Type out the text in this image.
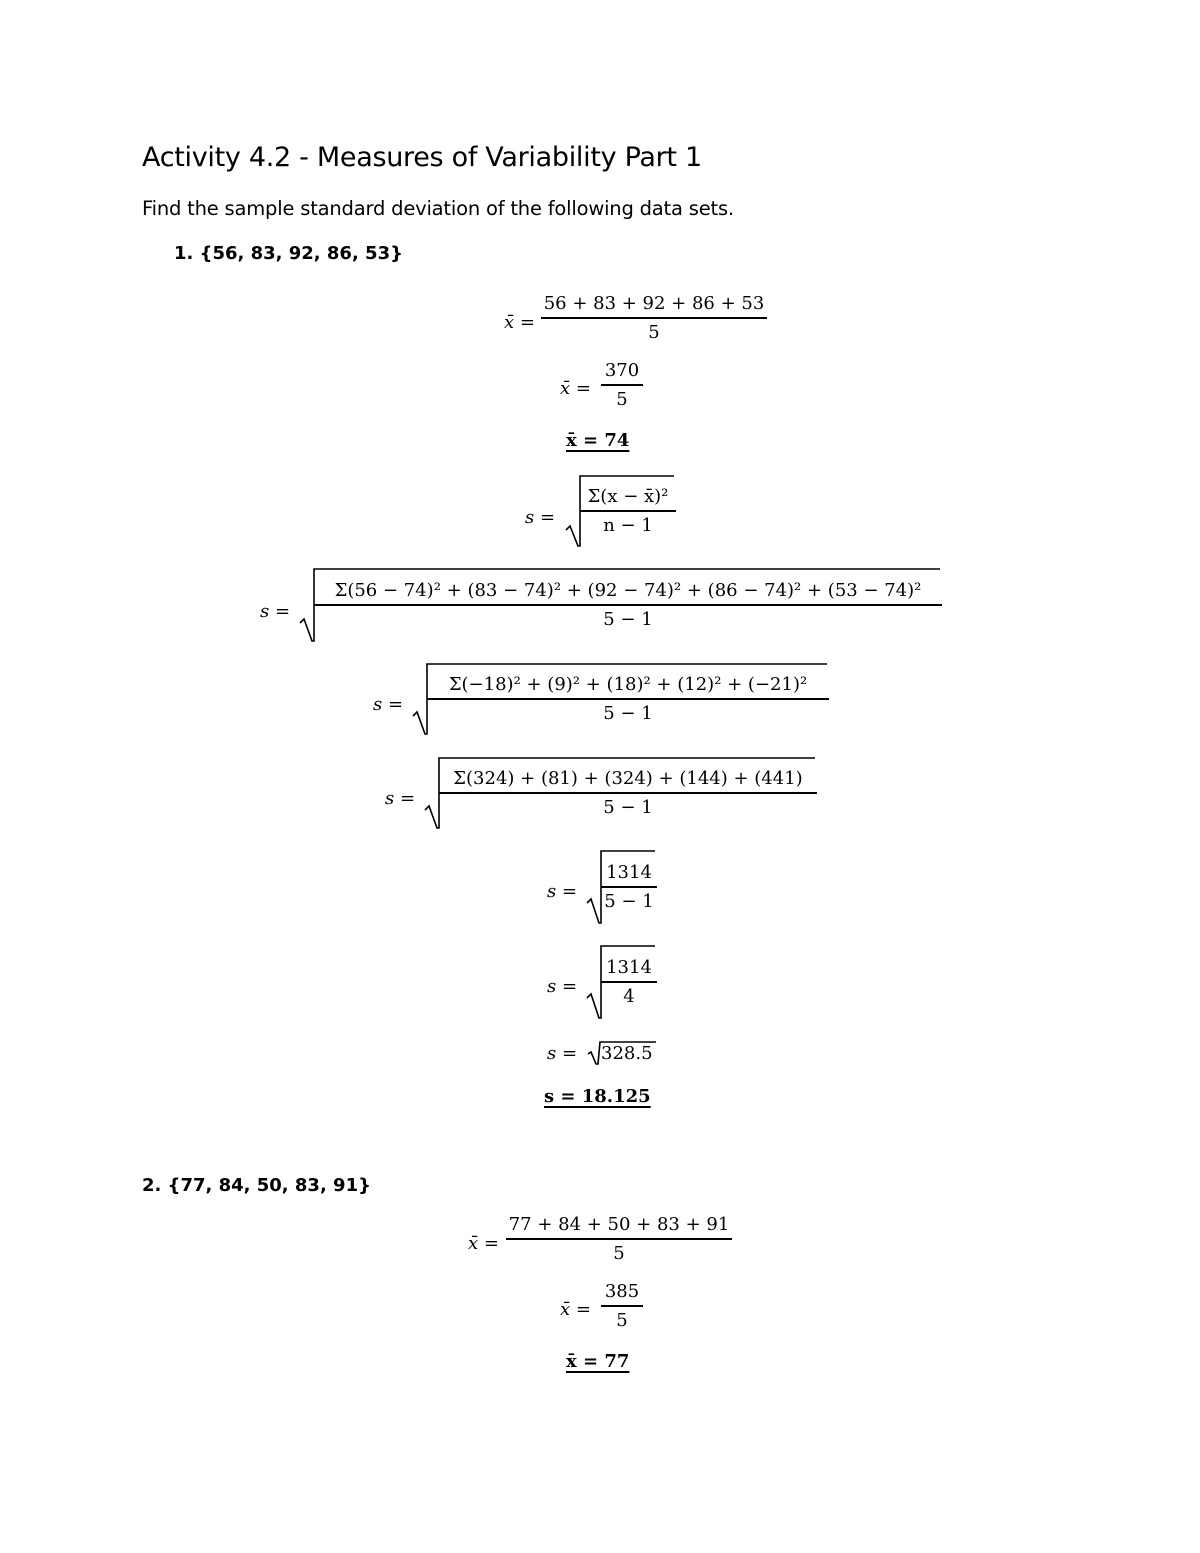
Activity 4.2 - Measures of Variability Part 1
Find the sample standard deviation of the following data sets.
1. {56, 83, 92, 86, 53}
x̄ = $\frac{56 + 83 + 92 + 86 + 53}{5}$
x̄ = $\frac{370}{5}$
x̄ = 74
$s = \frac{\text{Σ(x − x̄)²}}{n - 1}$
s =
Σ(56 − 74)² + (83 − 74)² + (92 − 74)² + (86 − 74)² + (53 − 74)²
5 − 1
$s = \frac{\text{Σ(−18)² + (9)² + (18)² + (12)² + (−21)²}}{5 - 1}$
$s = \frac{\Sigma(324) + (81) + (324) + (144) + (441)}{5 - 1}$
$s = \frac{1314}{5 - 1}$
$s = \frac{1314}{4}$
s = 328.5
s = 18.125
2. {77, 84, 50, 83, 91}
x̄ = $\frac{77 + 84 + 50 + 83 + 91}{5}$
x̄ = $\frac{385}{5}$
x̄ = 77
